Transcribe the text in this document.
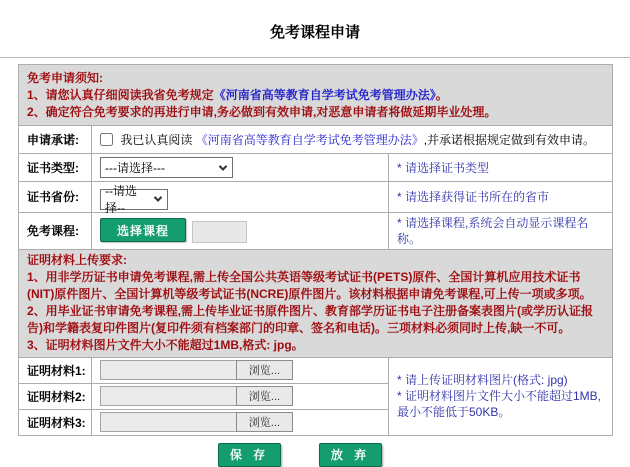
免考课程申请
免考申请须知:
1、请您认真仔细阅读我省免考规定《河南省高等教育自学考试免考管理办法》。
2、确定符合免考要求的再进行申请,务必做到有效申请,对恶意申请者将做延期毕业处理。		

申请承诺:	我已认真阅读 《河南省高等教育自学考试免考管理办法》,并承诺根据规定做到有效申请。	
证书类型:	---请选择---	* 请选择证书类型
证书省份:	--请选择--	* 请选择获得证书所在的省市
免考课程:	选择课程	* 请选择课程,系统会自动显示课程名称。

证明材料上传要求:
1、用非学历证书申请免考课程,需上传全国公共英语等级考试证书(PETS)原件、全国计算机应用技术证书(NIT)原件图片、全国计算机等级考试证书(NCRE)原件图片。该材料根据申请免考课程,可上传一项或多项。
2、用毕业证书审请免考课程,需上传毕业证书原件图片、教育部学历证书电子注册备案表图片(或学历认证报告)和学籍表复印件图片(复印件须有档案部门的印章、签名和电话)。三项材料必须同时上传,缺一不可。
3、证明材料图片文件大小不能超过1MB,格式: jpg。		

证明材料1:	浏览...	* 请上传证明材料图片(格式: jpg)
* 证明材料图片文件大小不能超过1MB,最小不能低于50KB。

证明材料2:	浏览...	

证明材料3:	浏览...	
保 存	放 弃
